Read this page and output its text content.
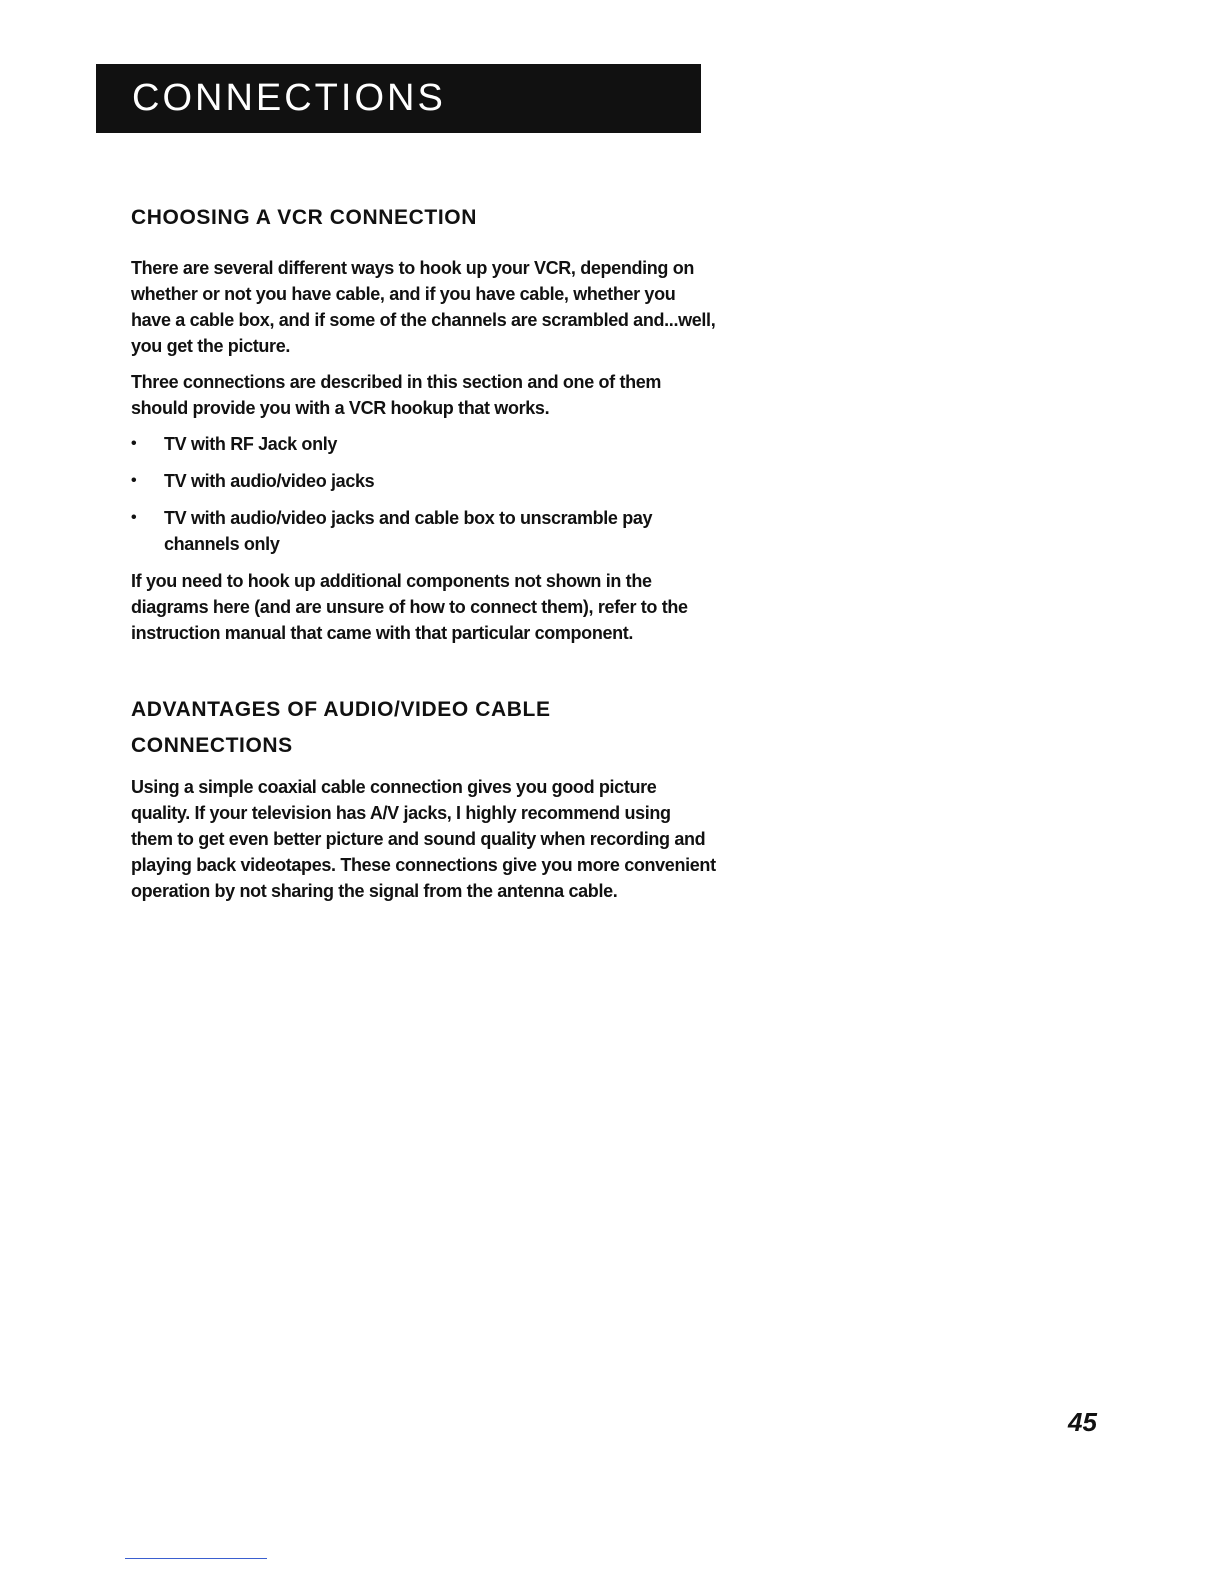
CONNECTIONS
CHOOSING A VCR CONNECTION

There are several different ways to hook up your VCR, depending on whether or not you have cable, and if you have cable, whether you have a cable box, and if some of the channels are scrambled and...well, you get the picture.

Three connections are described in this section and one of them should provide you with a VCR hookup that works.

• TV with RF Jack only
• TV with audio/video jacks
• TV with audio/video jacks and cable box to unscramble pay channels only

If you need to hook up additional components not shown in the diagrams here (and are unsure of how to connect them), refer to the instruction manual that came with that particular component.

ADVANTAGES OF AUDIO/VIDEO CABLE CONNECTIONS

Using a simple coaxial cable connection gives you good picture quality. If your television has A/V jacks, I highly recommend using them to get even better picture and sound quality when recording and playing back videotapes. These connections give you more convenient operation by not sharing the signal from the antenna cable.

45
